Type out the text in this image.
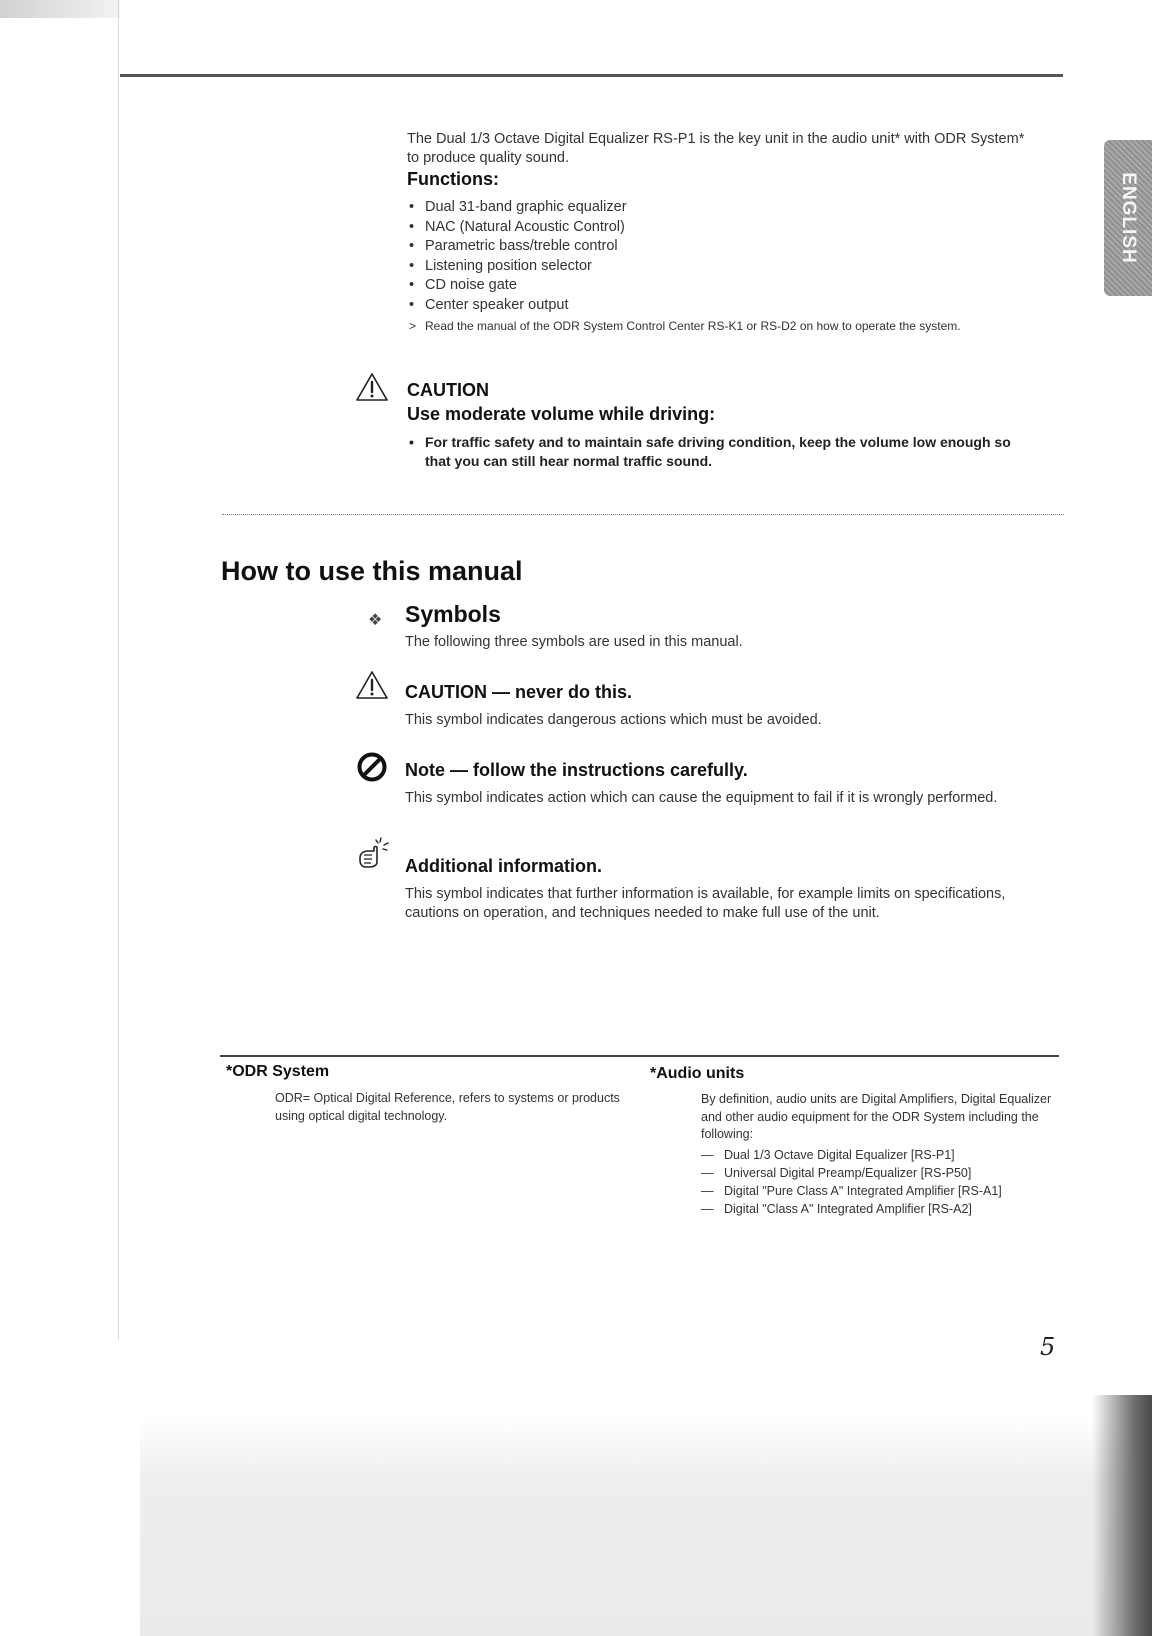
ENGLISH

The Dual 1/3 Octave Digital Equalizer RS-P1 is the key unit in the audio unit* with ODR System* to produce quality sound.

Functions:
• Dual 31-band graphic equalizer
• NAC (Natural Acoustic Control)
• Parametric bass/treble control
• Listening position selector
• CD noise gate
• Center speaker output

> Read the manual of the ODR System Control Center RS-K1 or RS-D2 on how to operate the system.

CAUTION
Use moderate volume while driving:

• For traffic safety and to maintain safe driving condition, keep the volume low enough so that you can still hear normal traffic sound.

How to use this manual
❖ Symbols

The following three symbols are used in this manual.

CAUTION — never do this.

This symbol indicates dangerous actions which must be avoided.

Note — follow the instructions carefully.

This symbol indicates action which can cause the equipment to fail if it is wrongly performed.

Additional information.

This symbol indicates that further information is available, for example limits on specifications, cautions on operation, and techniques needed to make full use of the unit.

*ODR System

ODR= Optical Digital Reference, refers to systems or products using optical digital technology.

*Audio units

By definition, audio units are Digital Amplifiers, Digital Equalizer and other audio equipment for the ODR System including the following:

— Dual 1/3 Octave Digital Equalizer [RS-P1]
— Universal Digital Preamp/Equalizer [RS-P50]
— Digital "Pure Class A" Integrated Amplifier [RS-A1]
— Digital "Class A" Integrated Amplifier [RS-A2]

5
